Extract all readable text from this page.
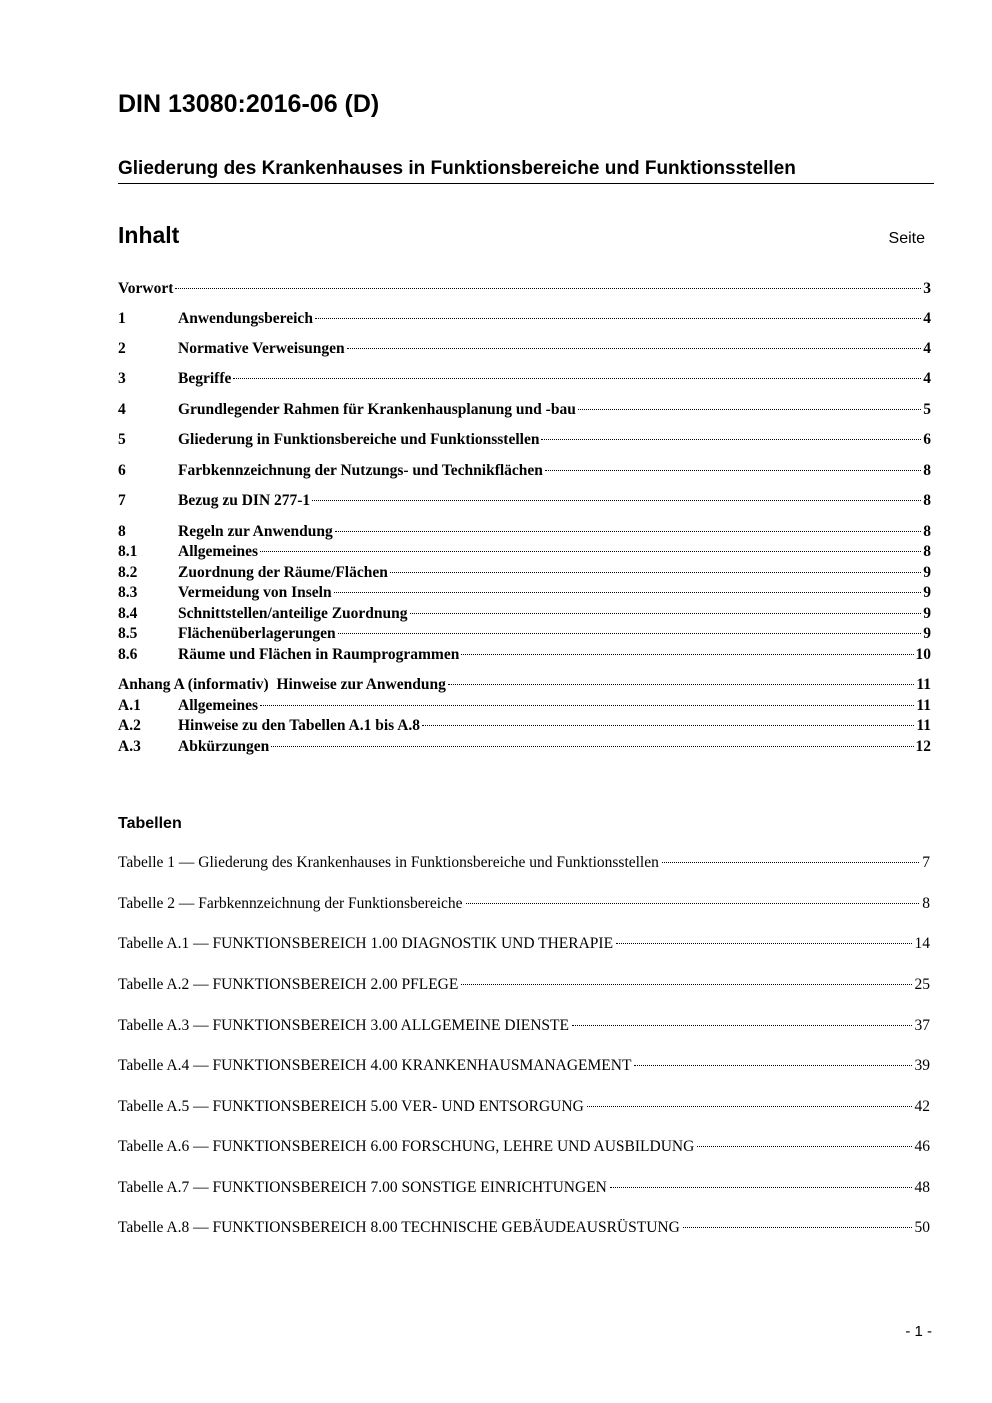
DIN 13080:2016-06 (D)
Gliederung des Krankenhauses in Funktionsbereiche und Funktionsstellen
Inhalt	Seite
Vorwort	3
1	Anwendungsbereich	4
2	Normative Verweisungen	4
3	Begriffe	4
4	Grundlegender Rahmen für Krankenhausplanung und -bau	5
5	Gliederung in Funktionsbereiche und Funktionsstellen	6
6	Farbkennzeichnung der Nutzungs- und Technikflächen	8
7	Bezug zu DIN 277-1	8
8	Regeln zur Anwendung	8
8.1	Allgemeines	8
8.2	Zuordnung der Räume/Flächen	9
8.3	Vermeidung von Inseln	9
8.4	Schnittstellen/anteilige Zuordnung	9
8.5	Flächenüberlagerungen	9
8.6	Räume und Flächen in Raumprogrammen	10
Anhang A (informativ)  Hinweise zur Anwendung	11
A.1	Allgemeines	11
A.2	Hinweise zu den Tabellen A.1 bis A.8	11
A.3	Abkürzungen	12
Tabellen
Tabelle 1 — Gliederung des Krankenhauses in Funktionsbereiche und Funktionsstellen	7
Tabelle 2 — Farbkennzeichnung der Funktionsbereiche	8
Tabelle A.1 — FUNKTIONSBEREICH 1.00 DIAGNOSTIK UND THERAPIE	14
Tabelle A.2 — FUNKTIONSBEREICH 2.00 PFLEGE	25
Tabelle A.3 — FUNKTIONSBEREICH 3.00 ALLGEMEINE DIENSTE	37
Tabelle A.4 — FUNKTIONSBEREICH 4.00 KRANKENHAUSMANAGEMENT	39
Tabelle A.5 — FUNKTIONSBEREICH 5.00 VER- UND ENTSORGUNG	42
Tabelle A.6 — FUNKTIONSBEREICH 6.00 FORSCHUNG, LEHRE UND AUSBILDUNG	46
Tabelle A.7 — FUNKTIONSBEREICH 7.00 SONSTIGE EINRICHTUNGEN	48
Tabelle A.8 — FUNKTIONSBEREICH 8.00 TECHNISCHE GEBÄUDEAUSRÜSTUNG	50
- 1 -
